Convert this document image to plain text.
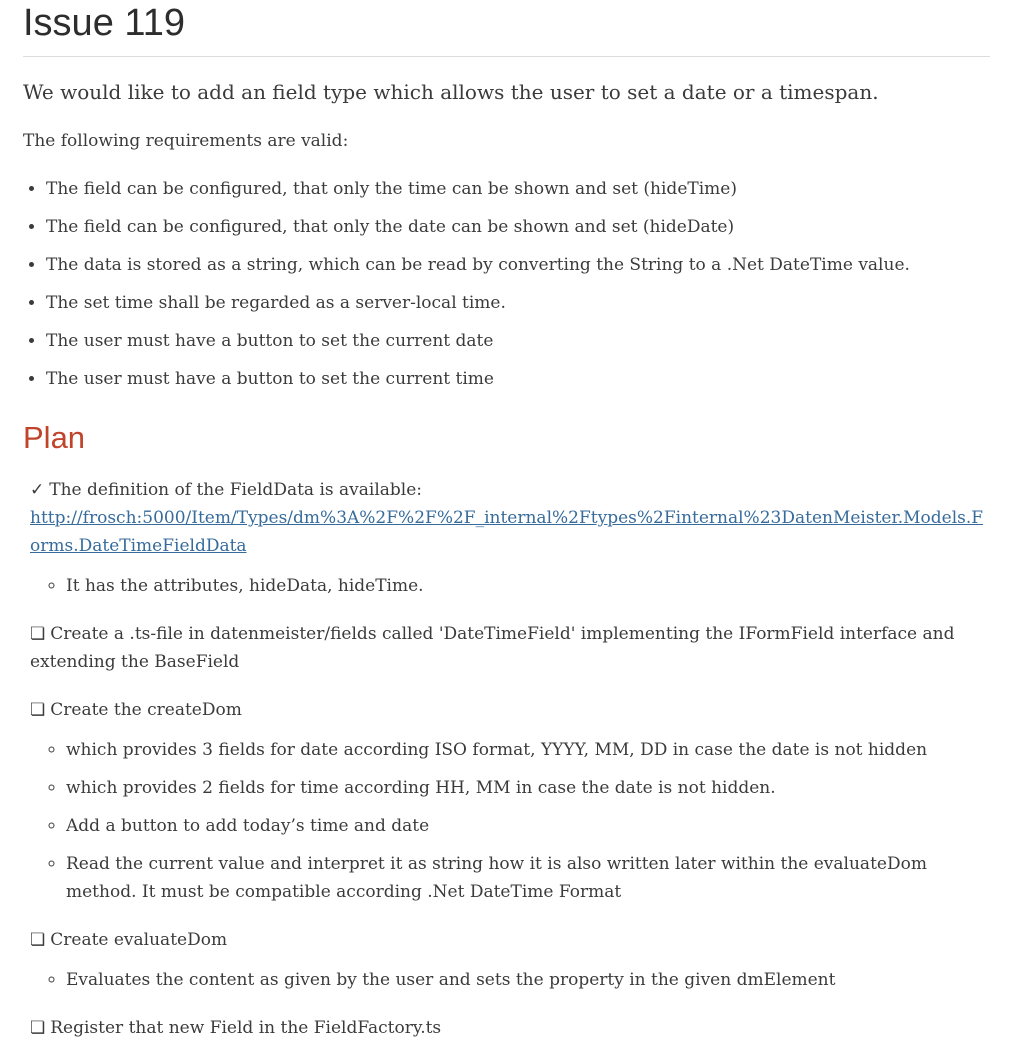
Issue 119

We would like to add an field type which allows the user to set a date or a timespan.

The following requirements are valid:

• The field can be configured, that only the time can be shown and set (hideTime)
• The field can be configured, that only the date can be shown and set (hideDate)
• The data is stored as a string, which can be read by converting the String to a .Net DateTime value.
• The set time shall be regarded as a server-local time.
• The user must have a button to set the current date
• The user must have a button to set the current time
Plan

✓ The definition of the FieldData is available: http://frosch:5000/Item/Types/dm%3A%2F%2F%2F_internal%2Ftypes%2Finternal%23DatenMeister.Models.Forms.DateTimeFieldData

◦ It has the attributes, hideData, hideTime.

❏ Create a .ts-file in datenmeister/fields called 'DateTimeField' implementing the IFormField interface and extending the BaseField

❏ Create the createDom

◦ which provides 3 fields for date according ISO format, YYYY, MM, DD in case the date is not hidden
◦ which provides 2 fields for time according HH, MM in case the date is not hidden.
◦ Add a button to add today’s time and date
◦ Read the current value and interpret it as string how it is also written later within the evaluateDom method. It must be compatible according .Net DateTime Format

❏ Create evaluateDom

◦ Evaluates the content as given by the user and sets the property in the given dmElement

❏ Register that new Field in the FieldFactory.ts
